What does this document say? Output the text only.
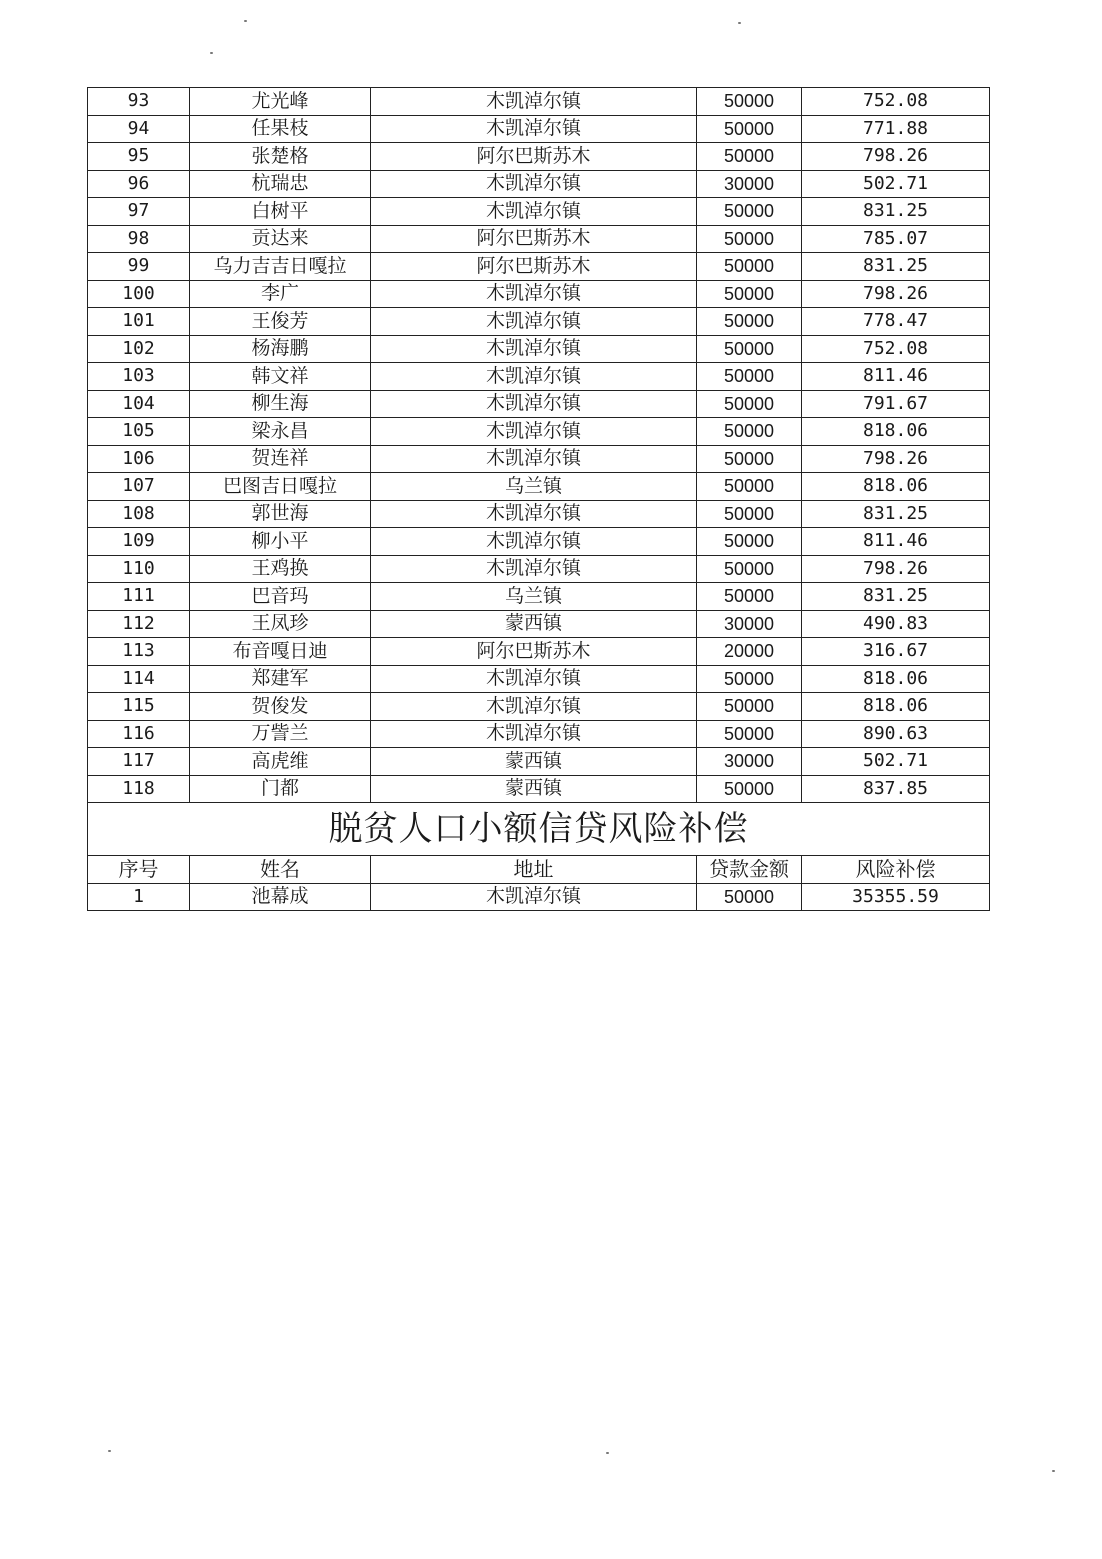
93	尤光峰	木凯淖尔镇	50000	752.08
94	任果枝	木凯淖尔镇	50000	771.88
95	张楚格	阿尔巴斯苏木	50000	798.26
96	杭瑞忠	木凯淖尔镇	30000	502.71
97	白树平	木凯淖尔镇	50000	831.25
98	贡达来	阿尔巴斯苏木	50000	785.07
99	乌力吉吉日嘎拉	阿尔巴斯苏木	50000	831.25
100	李广	木凯淖尔镇	50000	798.26
101	王俊芳	木凯淖尔镇	50000	778.47
102	杨海鹏	木凯淖尔镇	50000	752.08
103	韩文祥	木凯淖尔镇	50000	811.46
104	柳生海	木凯淖尔镇	50000	791.67
105	梁永昌	木凯淖尔镇	50000	818.06
106	贺连祥	木凯淖尔镇	50000	798.26
107	巴图吉日嘎拉	乌兰镇	50000	818.06
108	郭世海	木凯淖尔镇	50000	831.25
109	柳小平	木凯淖尔镇	50000	811.46
110	王鸡换	木凯淖尔镇	50000	798.26
111	巴音玛	乌兰镇	50000	831.25
112	王凤珍	蒙西镇	30000	490.83
113	布音嘎日迪	阿尔巴斯苏木	20000	316.67
114	郑建军	木凯淖尔镇	50000	818.06
115	贺俊发	木凯淖尔镇	50000	818.06
116	万訾兰	木凯淖尔镇	50000	890.63
117	高虎维	蒙西镇	30000	502.71
118	门都	蒙西镇	50000	837.85
脱贫人口小额信贷风险补偿				
序号	姓名	地址	贷款金额	风险补偿
1	池幕成	木凯淖尔镇	50000	35355.59
